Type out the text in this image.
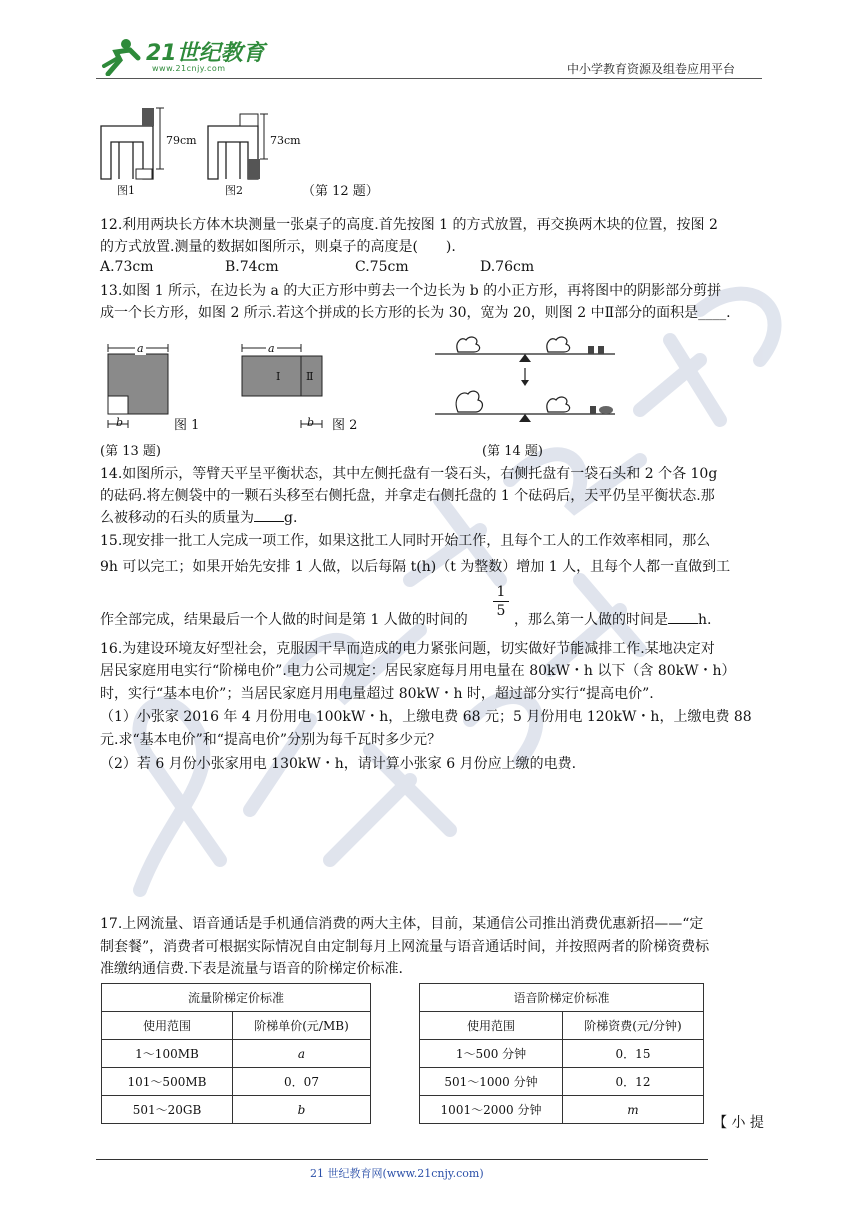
21世纪教育
www.21cnjy.com	中小学教育资源及组卷应用平台
79cm	73cm
图1	图2	（第 12 题）
12.利用两块长方体木块测量一张桌子的高度.首先按图 1 的方式放置，再交换两木块的位置，按图 2
的方式放置.测量的数据如图所示，则桌子的高度是(　　).
A.73cm	B.74cm	C.75cm	D.76cm
13.如图 1 所示，在边长为 a 的大正方形中剪去一个边长为 b 的小正方形，再将图中的阴影部分剪拼
成一个长方形，如图 2 所示.若这个拼成的长方形的长为 30，宽为 20，则图 2 中Ⅱ部分的面积是____.
a
b	图 1
a
Ⅰ Ⅱ
b 图 2
(第 13 题)	(第 14 题)
14.如图所示，等臂天平呈平衡状态，其中左侧托盘有一袋石头，右侧托盘有一袋石头和 2 个各 10g
的砝码.将左侧袋中的一颗石头移至右侧托盘，并拿走右侧托盘的 1 个砝码后，天平仍呈平衡状态.那
么被移动的石头的质量为 g.
15.现安排一批工人完成一项工作，如果这批工人同时开始工作，且每个工人的工作效率相同，那么
9h 可以完工；如果开始先安排 1 人做，以后每隔 t(h)（t 为整数）增加 1 人，且每个人都一直做到工
1
5
作全部完成，结果最后一个人做的时间是第 1 人做的时间的	，那么第一人做的时间是 h.
16.为建设环境友好型社会，克服因干旱而造成的电力紧张问题，切实做好节能减排工作.某地决定对
居民家庭用电实行“阶梯电价”.电力公司规定：居民家庭每月用电量在 80kW・h 以下（含 80kW・h）
时，实行“基本电价”；当居民家庭月用电量超过 80kW・h 时，超过部分实行“提高电价”.
（1）小张家 2016 年 4 月份用电 100kW・h，上缴电费 68 元；5 月份用电 120kW・h，上缴电费 88
元.求“基本电价”和“提高电价”分别为每千瓦时多少元？
（2）若 6 月份小张家用电 130kW・h，请计算小张家 6 月份应上缴的电费.
17.上网流量、语音通话是手机通信消费的两大主体，目前，某通信公司推出消费优惠新招——“定
制套餐”，消费者可根据实际情况自由定制每月上网流量与语音通话时间，并按照两者的阶梯资费标
准缴纳通信费.下表是流量与语音的阶梯定价标准.
流量阶梯定价标准	
使用范围	阶梯单价(元/MB)
1～100MB	a
101～500MB	0．07
501～20GB	b
语音阶梯定价标准	
使用范围	阶梯资费(元/分钟)
1～500 分钟	0．15
501～1000 分钟	0．12
1001～2000 分钟	m
【 小 提
21 世纪教育网(www.21cnjy.com)
